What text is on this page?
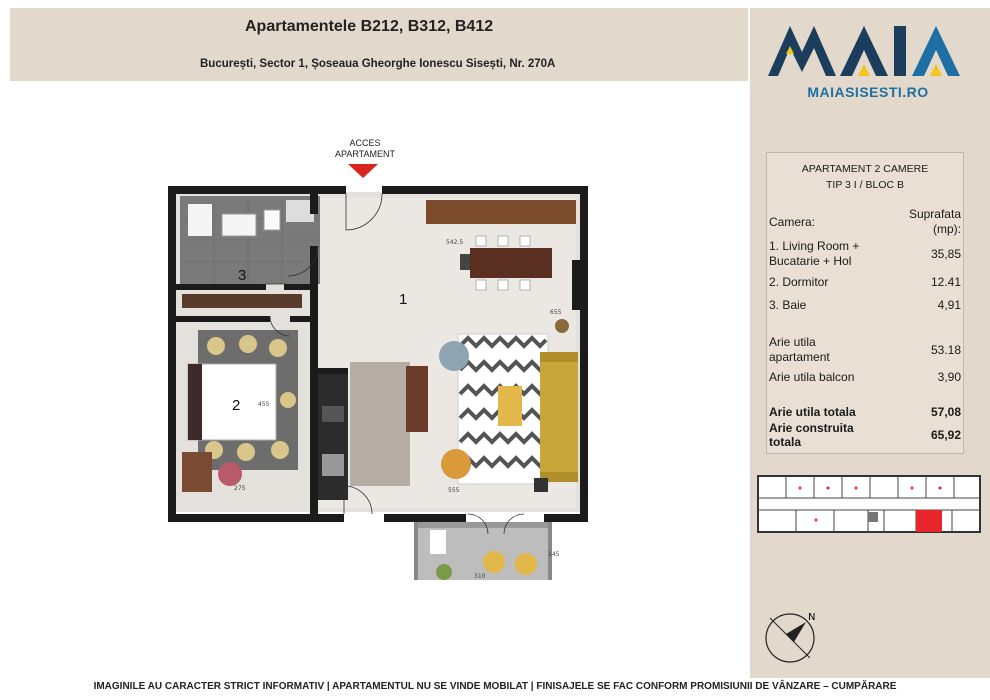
Apartamentele B212, B312, B412
București, Sector 1, Șoseaua Gheorghe Ionescu Sisești, Nr. 270A
MAIASISESTI.RO
APARTAMENT 2 CAMERE
TIP 3 I / BLOC B
Camera:
Suprafata
(mp):
1. Living Room +
Bucatarie + Hol	35,85
2. Dormitor	12.41
3. Baie	4,91
Arie utila
apartament	53.18
Arie utila balcon	3,90
Arie utila totala	57,08
Arie construita
totala	65,92
N
ACCES
APARTAMENT
3
1
2
542.5
655
455
275	555
310
145
IMAGINILE AU CARACTER STRICT INFORMATIV | APARTAMENTUL NU SE VINDE MOBILAT | FINISAJELE SE FAC CONFORM PROMISIUNII DE VÂNZARE – CUMPĂRARE
